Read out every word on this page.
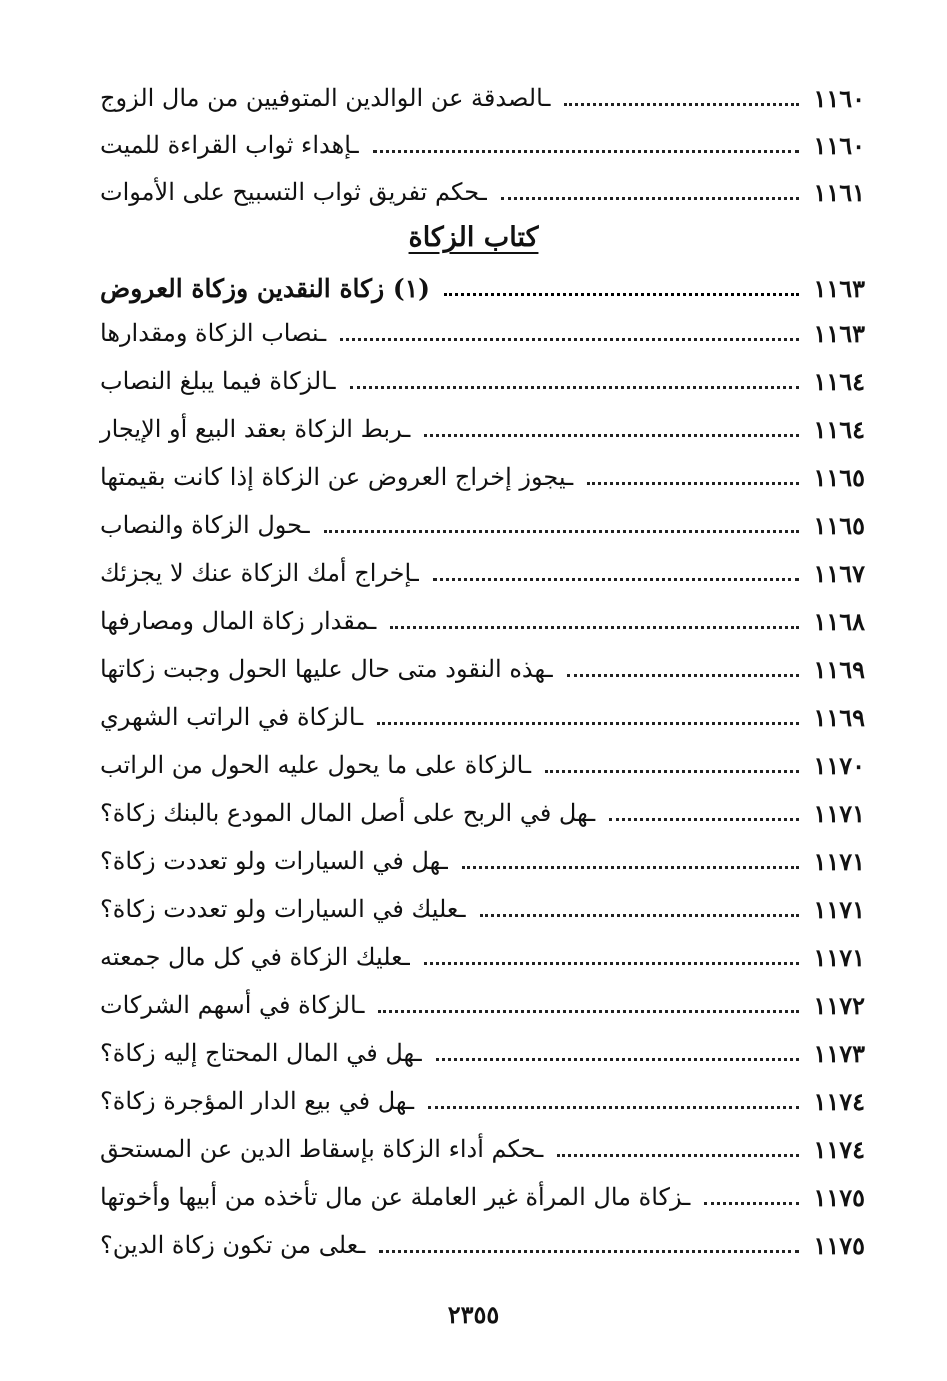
ـالصدقة عن الوالدين المتوفيين من مال الزوج	١١٦٠
ـإهداء ثواب القراءة للميت	١١٦٠
ـحكم تفريق ثواب التسبيح على الأموات	١١٦١
كتاب الزكاة
(١) زكاة النقدين وزكاة العروض	١١٦٣
ـنصاب الزكاة ومقدارها	١١٦٣
ـالزكاة فيما يبلغ النصاب	١١٦٤
ـربط الزكاة بعقد البيع أو الإيجار	١١٦٤
ـيجوز إخراج العروض عن الزكاة إذا كانت بقيمتها	١١٦٥
ـحول الزكاة والنصاب	١١٦٥
ـإخراج أمك الزكاة عنك لا يجزئك	١١٦٧
ـمقدار زكاة المال ومصارفها	١١٦٨
ـهذه النقود متى حال عليها الحول وجبت زكاتها	١١٦٩
ـالزكاة في الراتب الشهري	١١٦٩
ـالزكاة على ما يحول عليه الحول من الراتب	١١٧٠
ـهل في الربح على أصل المال المودع بالبنك زكاة؟	١١٧١
ـهل في السيارات ولو تعددت زكاة؟	١١٧١
ـعليك في السيارات ولو تعددت زكاة؟	١١٧١
ـعليك الزكاة في كل مال جمعته	١١٧١
ـالزكاة في أسهم الشركات	١١٧٢
ـهل في المال المحتاج إليه زكاة؟	١١٧٣
ـهل في بيع الدار المؤجرة زكاة؟	١١٧٤
ـحكم أداء الزكاة بإسقاط الدين عن المستحق	١١٧٤
ـزكاة مال المرأة غير العاملة عن مال تأخذه من أبيها وأخوتها	١١٧٥
ـعلى من تكون زكاة الدين؟	١١٧٥
٢٣٥٥
